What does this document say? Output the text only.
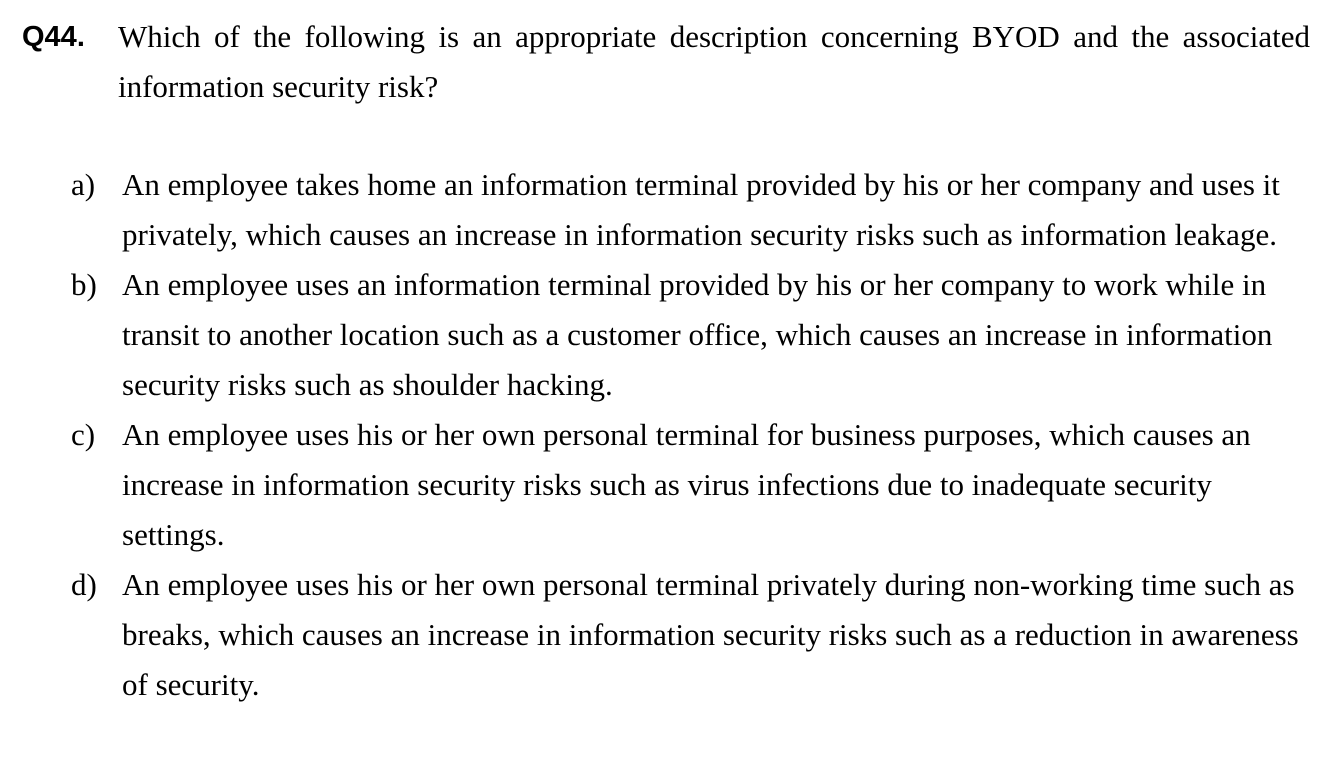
Q44. Which of the following is an appropriate description concerning BYOD and the associated information security risk?
a) An employee takes home an information terminal provided by his or her company and uses it privately, which causes an increase in information security risks such as information leakage.
b) An employee uses an information terminal provided by his or her company to work while in transit to another location such as a customer office, which causes an increase in information security risks such as shoulder hacking.
c) An employee uses his or her own personal terminal for business purposes, which causes an increase in information security risks such as virus infections due to inadequate security settings.
d) An employee uses his or her own personal terminal privately during non-working time such as breaks, which causes an increase in information security risks such as a reduction in awareness of security.
